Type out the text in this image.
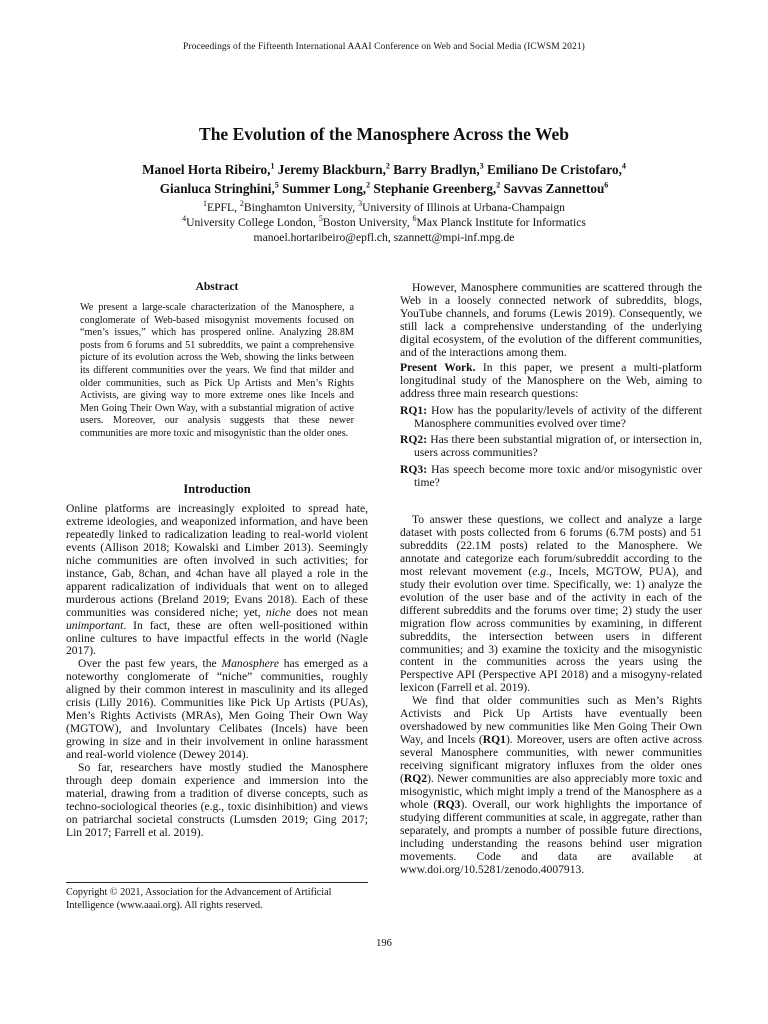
Proceedings of the Fifteenth International AAAI Conference on Web and Social Media (ICWSM 2021)
The Evolution of the Manosphere Across the Web
Manoel Horta Ribeiro,$^1$ Jeremy Blackburn,$^2$ Barry Bradlyn,$^3$ Emiliano De Cristofaro,$^4$
Gianluca Stringhini,$^5$ Summer Long,$^2$ Stephanie Greenberg,$^2$ Savvas Zannettou$^6$
$^1$EPFL, $^2$Binghamton University, $^3$University of Illinois at Urbana-Champaign
$^4$University College London, $^5$Boston University, $^6$Max Planck Institute for Informatics
manoel.hortaribeiro@epfl.ch, szannett@mpi-inf.mpg.de
Abstract
We present a large-scale characterization of the Manosphere, a conglomerate of Web-based misogynist movements focused on “men’s issues,” which has prospered online. Analyzing 28.8M posts from 6 forums and 51 subreddits, we paint a comprehensive picture of its evolution across the Web, showing the links between its different communities over the years. We find that milder and older communities, such as Pick Up Artists and Men’s Rights Activists, are giving way to more extreme ones like Incels and Men Going Their Own Way, with a substantial migration of active users. Moreover, our analysis suggests that these newer communities are more toxic and misogynistic than the older ones.
Introduction

Online platforms are increasingly exploited to spread hate, extreme ideologies, and weaponized information, and have been repeatedly linked to radicalization leading to real-world violent events (Allison 2018; Kowalski and Limber 2013). Seemingly niche communities are often involved in such activities; for instance, Gab, 8chan, and 4chan have all played a role in the apparent radicalization of individuals that went on to alleged murderous actions (Breland 2019; Evans 2018). Each of these communities was considered niche; yet, niche does not mean unimportant. In fact, these are often well-positioned within online cultures to have impactful effects in the world (Nagle 2017).

Over the past few years, the Manosphere has emerged as a noteworthy conglomerate of “niche” communities, roughly aligned by their common interest in masculinity and its alleged crisis (Lilly 2016). Communities like Pick Up Artists (PUAs), Men’s Rights Activists (MRAs), Men Going Their Own Way (MGTOW), and Involuntary Celibates (Incels) have been growing in size and in their involvement in online harassment and real-world violence (Dewey 2014).

So far, researchers have mostly studied the Manosphere through deep domain experience and immersion into the material, drawing from a tradition of diverse concepts, such as techno-sociological theories (e.g., toxic disinhibition) and views on patriarchal societal constructs (Lumsden 2019; Ging 2017; Lin 2017; Farrell et al. 2019).

Copyright © 2021, Association for the Advancement of Artificial Intelligence (www.aaai.org). All rights reserved.

However, Manosphere communities are scattered through the Web in a loosely connected network of subreddits, blogs, YouTube channels, and forums (Lewis 2019). Consequently, we still lack a comprehensive understanding of the underlying digital ecosystem, of the evolution of the different communities, and of the interactions among them.

Present Work. In this paper, we present a multi-platform longitudinal study of the Manosphere on the Web, aiming to address three main research questions:

RQ1: How has the popularity/levels of activity of the different Manosphere communities evolved over time?
RQ2: Has there been substantial migration of, or intersection in, users across communities?
RQ3: Has speech become more toxic and/or misogynistic over time?

To answer these questions, we collect and analyze a large dataset with posts collected from 6 forums (6.7M posts) and 51 subreddits (22.1M posts) related to the Manosphere. We annotate and categorize each forum/subreddit according to the most relevant movement (e.g., Incels, MGTOW, PUA), and study their evolution over time. Specifically, we: 1) analyze the evolution of the user base and of the activity in each of the different subreddits and the forums over time; 2) study the user migration flow across communities by examining, in different subreddits, the intersection between users in different communities; and 3) examine the toxicity and the misogynistic content in the communities across the years using the Perspective API (Perspective API 2018) and a misogyny-related lexicon (Farrell et al. 2019).

We find that older communities such as Men’s Rights Activists and Pick Up Artists have eventually been overshadowed by new communities like Men Going Their Own Way, and Incels (RQ1). Moreover, users are often active across several Manosphere communities, with newer communities receiving significant migratory influxes from the older ones (RQ2). Newer communities are also appreciably more toxic and misogynistic, which might imply a trend of the Manosphere as a whole (RQ3). Overall, our work highlights the importance of studying different communities at scale, in aggregate, rather than separately, and prompts a number of possible future directions, including understanding the reasons behind user migration movements. Code and data are available at www.doi.org/10.5281/zenodo.4007913.

196
